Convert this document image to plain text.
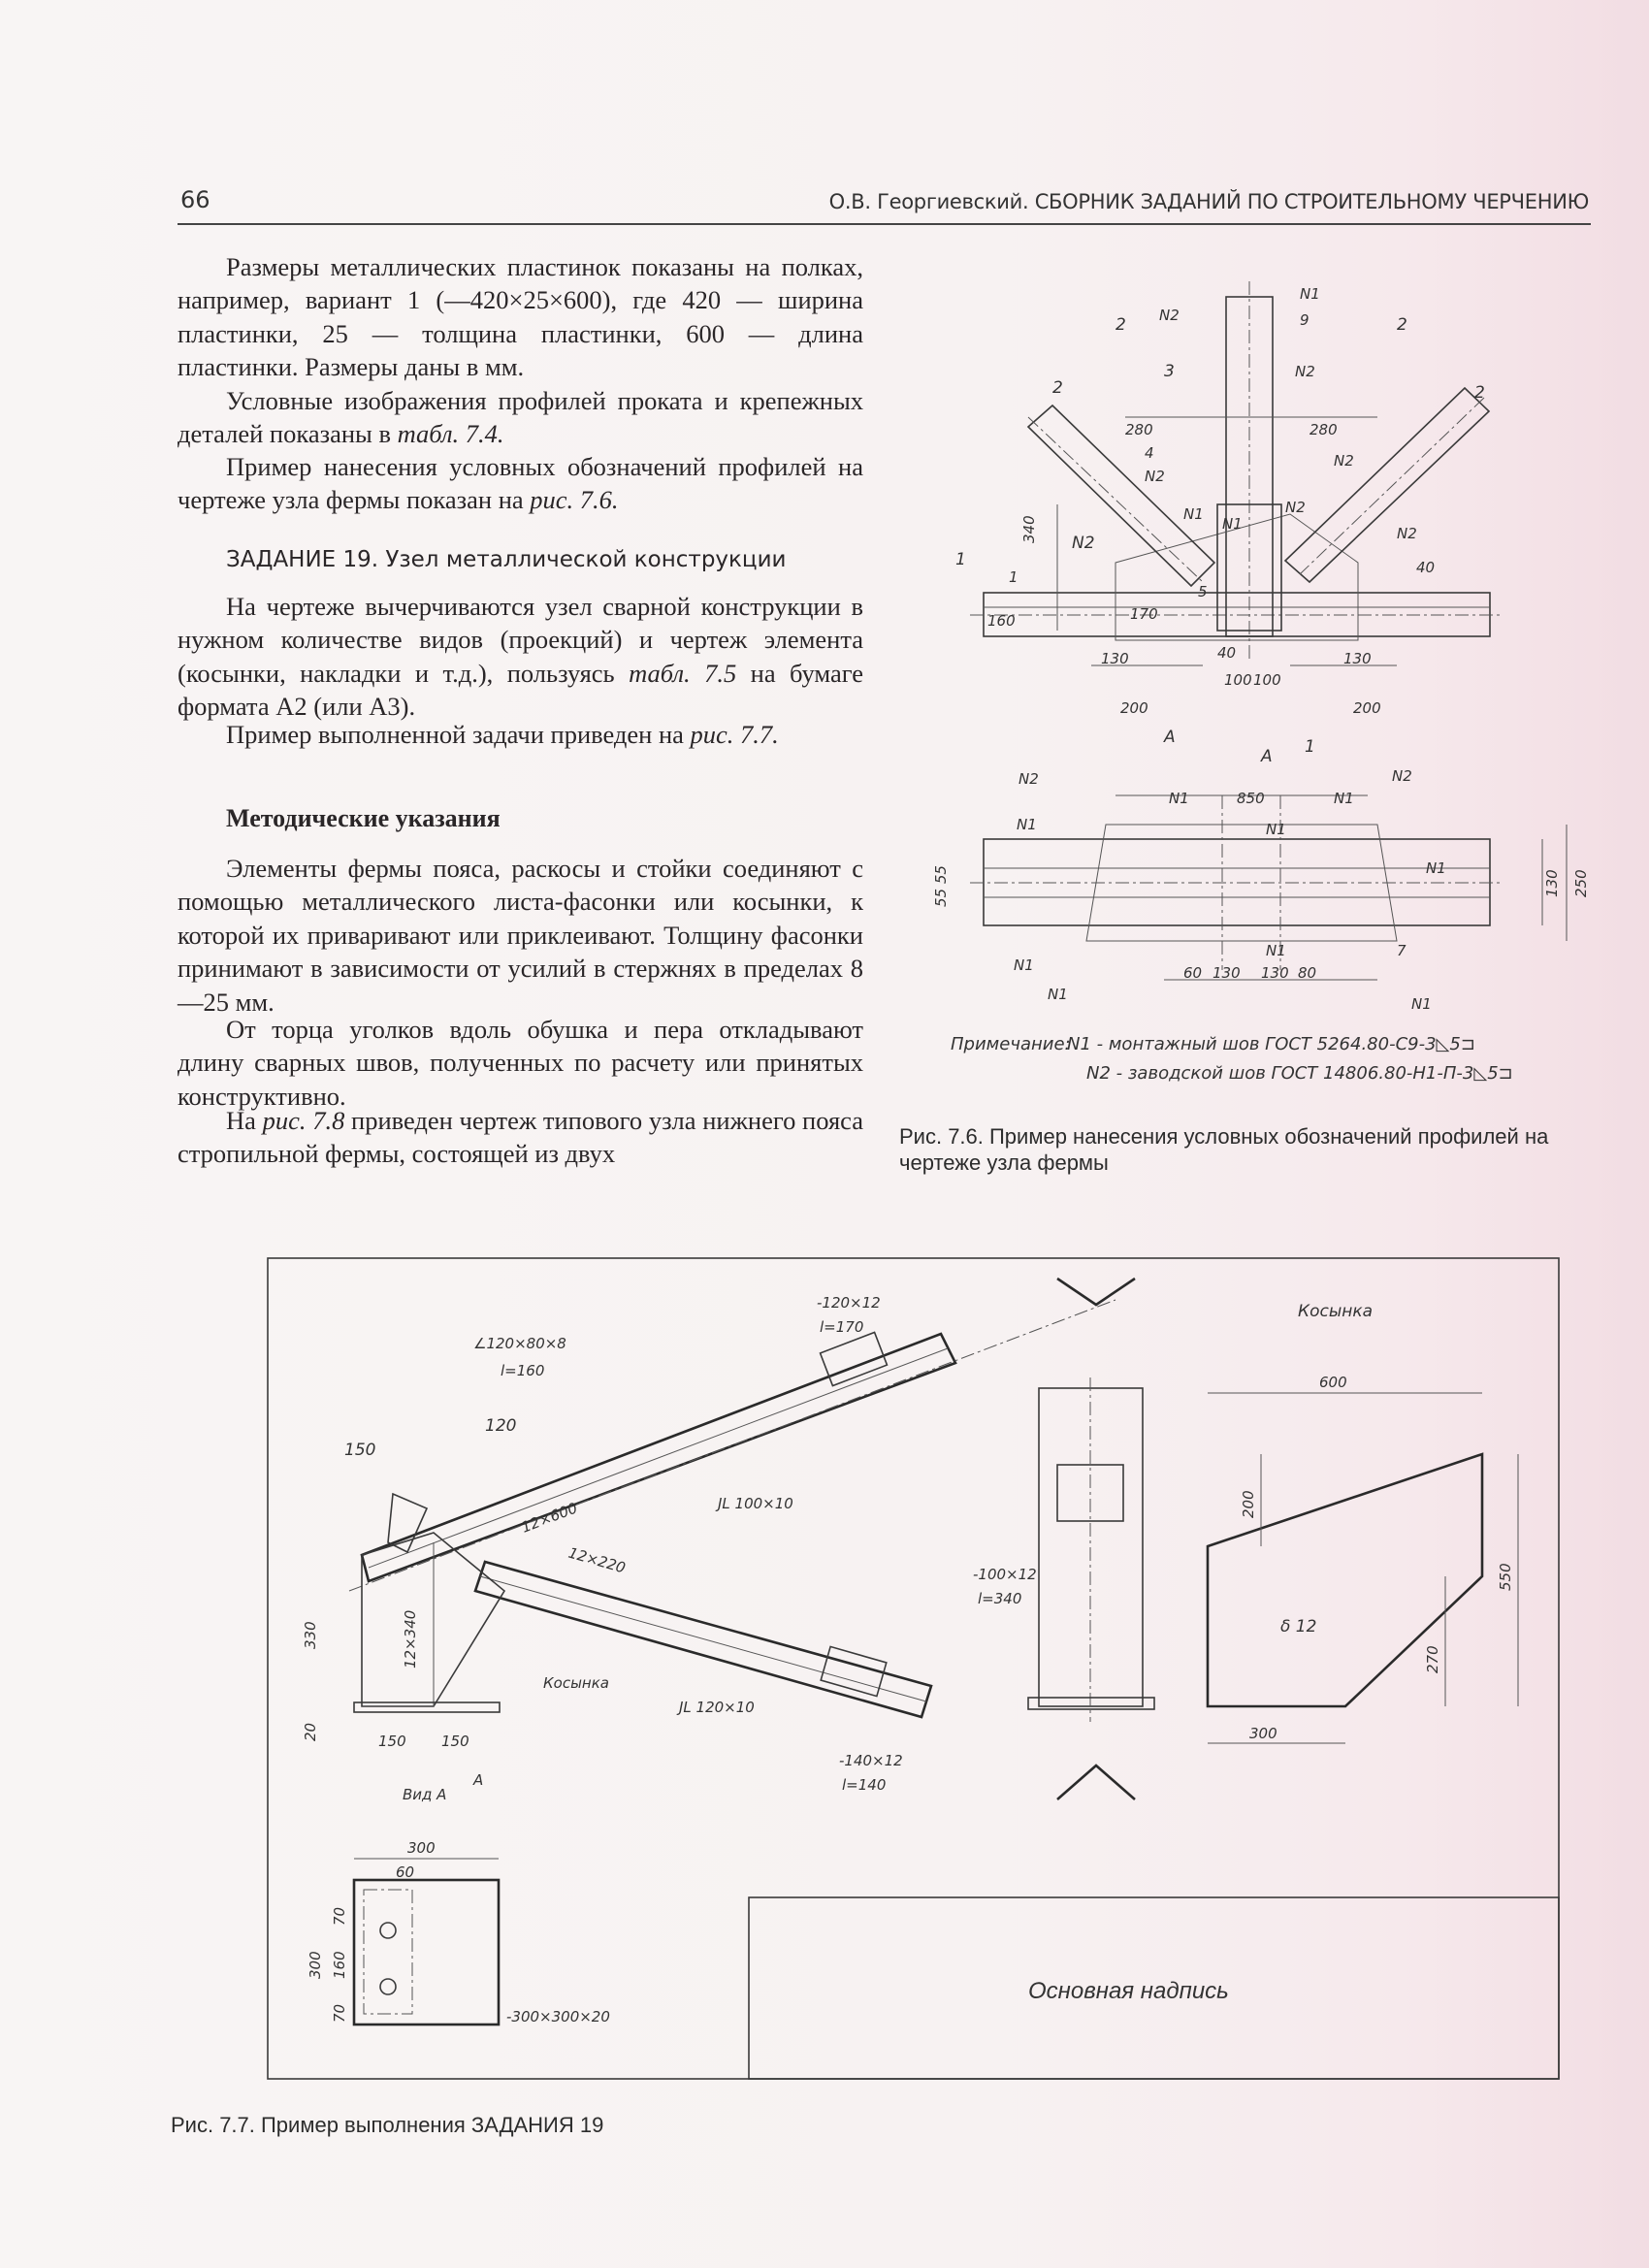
66	О.В. Георгиевский. СБОРНИК ЗАДАНИЙ ПО СТРОИТЕЛЬНОМУ ЧЕРЧЕНИЮ

Размеры металлических пластинок показаны на полках, например, вариант 1 (—420×25×600), где 420 — ширина пластинки, 25 — толщина пластинки, 600 — длина пластинки. Размеры даны в мм.

Условные изображения профилей проката и крепежных деталей показаны в табл. 7.4.

Пример нанесения условных обозначений профилей на чертеже узла фермы показан на рис. 7.6.

ЗАДАНИЕ 19. Узел металлической конструкции

На чертеже вычерчиваются узел сварной конструкции в нужном количестве видов (проекций) и чертеж элемента (косынки, накладки и т.д.), пользуясь табл. 7.5 на бумаге формата А2 (или А3).

Пример выполненной задачи приведен на рис. 7.7.

Методические указания

Элементы фермы пояса, раскосы и стойки соединяют с помощью металлического листа-фасонки или косынки, к которой их приваривают или приклеивают. Толщину фасонки принимают в зависимости от усилий в стержнях в пределах 8—25 мм.

От торца уголков вдоль обушка и пера откладывают длину сварных швов, полученных по расчету или принятых конструктивно.

На рис. 7.8 приведен чертеж типового узла нижнего пояса стропильной фермы, состоящей из двух

Рис. 7.6. Пример нанесения условных обозначений профилей на чертеже узла фермы
Рис. 7.7. Пример выполнения ЗАДАНИЯ 19
2
N1
N2	9	2
3	N2
2	2
280	280
4
N2
N2
N2
340
N1
N1
N2	N2
1
5
40
160	170
130	40
100 100
130
200	200
А
А
1
1
N2
N1
N1	850	N1
N1
N2
N1
55 55	130 250
N1
7
60 130 130 80
N1
N1
N1
Примечание:
N1 - монтажный шов ГОСТ 5264.80-С9-3◺5⊐
N2 - заводской шов ГОСТ 14806.80-Н1-П-3◺5⊐
Основная надпись
Косынка
600
200
550
δ 12
270
300
300
60
70
160
70
300
-300×300×20
∠120×80×8
l=160
150
120
-120×12
l=170
12×600
12×220
JL 100×10
330
20
12×340
Косынка
JL 120×10
150 150
Вид А
А
-140×12
l=140
-100×12
l=340
